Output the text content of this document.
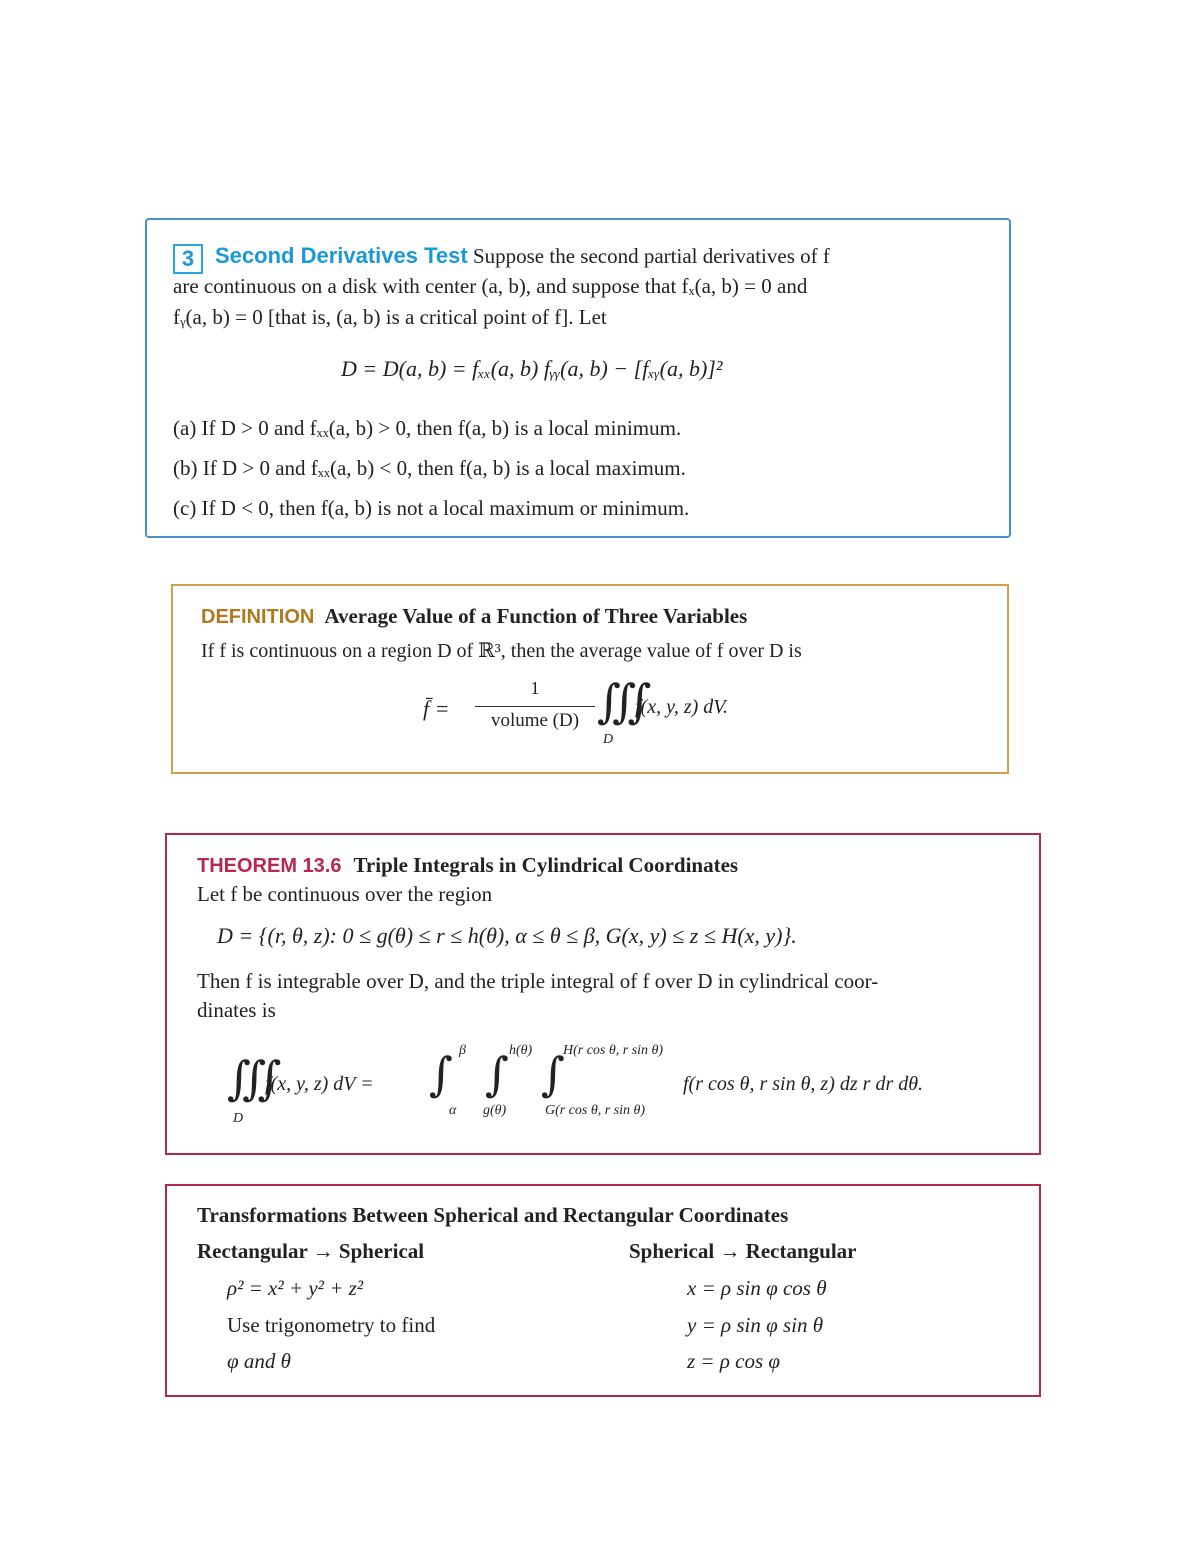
3 Second Derivatives Test Suppose the second partial derivatives of f
are continuous on a disk with center (a, b), and suppose that fₓ(a, b) = 0 and
fᵧ(a, b) = 0 [that is, (a, b) is a critical point of f]. Let
D = D(a, b) = fₓₓ(a, b) fᵧᵧ(a, b) − [fₓᵧ(a, b)]²
(a) If D > 0 and fₓₓ(a, b) > 0, then f(a, b) is a local minimum.
(b) If D > 0 and fₓₓ(a, b) < 0, then f(a, b) is a local maximum.
(c) If D < 0, then f(a, b) is not a local maximum or minimum.
DEFINITION Average Value of a Function of Three Variables
If f is continuous on a region D of ℝ³, then the average value of f over D is
f̄ =
1
volume (D) ∭
D
f(x, y, z) dV.
THEOREM 13.6 Triple Integrals in Cylindrical Coordinates
Let f be continuous over the region
D = {(r, θ, z): 0 ≤ g(θ) ≤ r ≤ h(θ), α ≤ θ ≤ β, G(x, y) ≤ z ≤ H(x, y)}.
Then f is integrable over D, and the triple integral of f over D in cylindrical coor-
dinates is
∭
D
f(x, y, z) dV = ∫ β
α
∫ h(θ)
g(θ)
∫
H(r cos θ, r sin θ)
G(r cos θ, r sin θ)
f(r cos θ, r sin θ, z) dz r dr dθ.
Transformations Between Spherical and Rectangular Coordinates
Rectangular → Spherical	Spherical → Rectangular
ρ² = x² + y² + z²
Use trigonometry to find
φ and θ
x = ρ sin φ cos θ
y = ρ sin φ sin θ
z = ρ cos φ
